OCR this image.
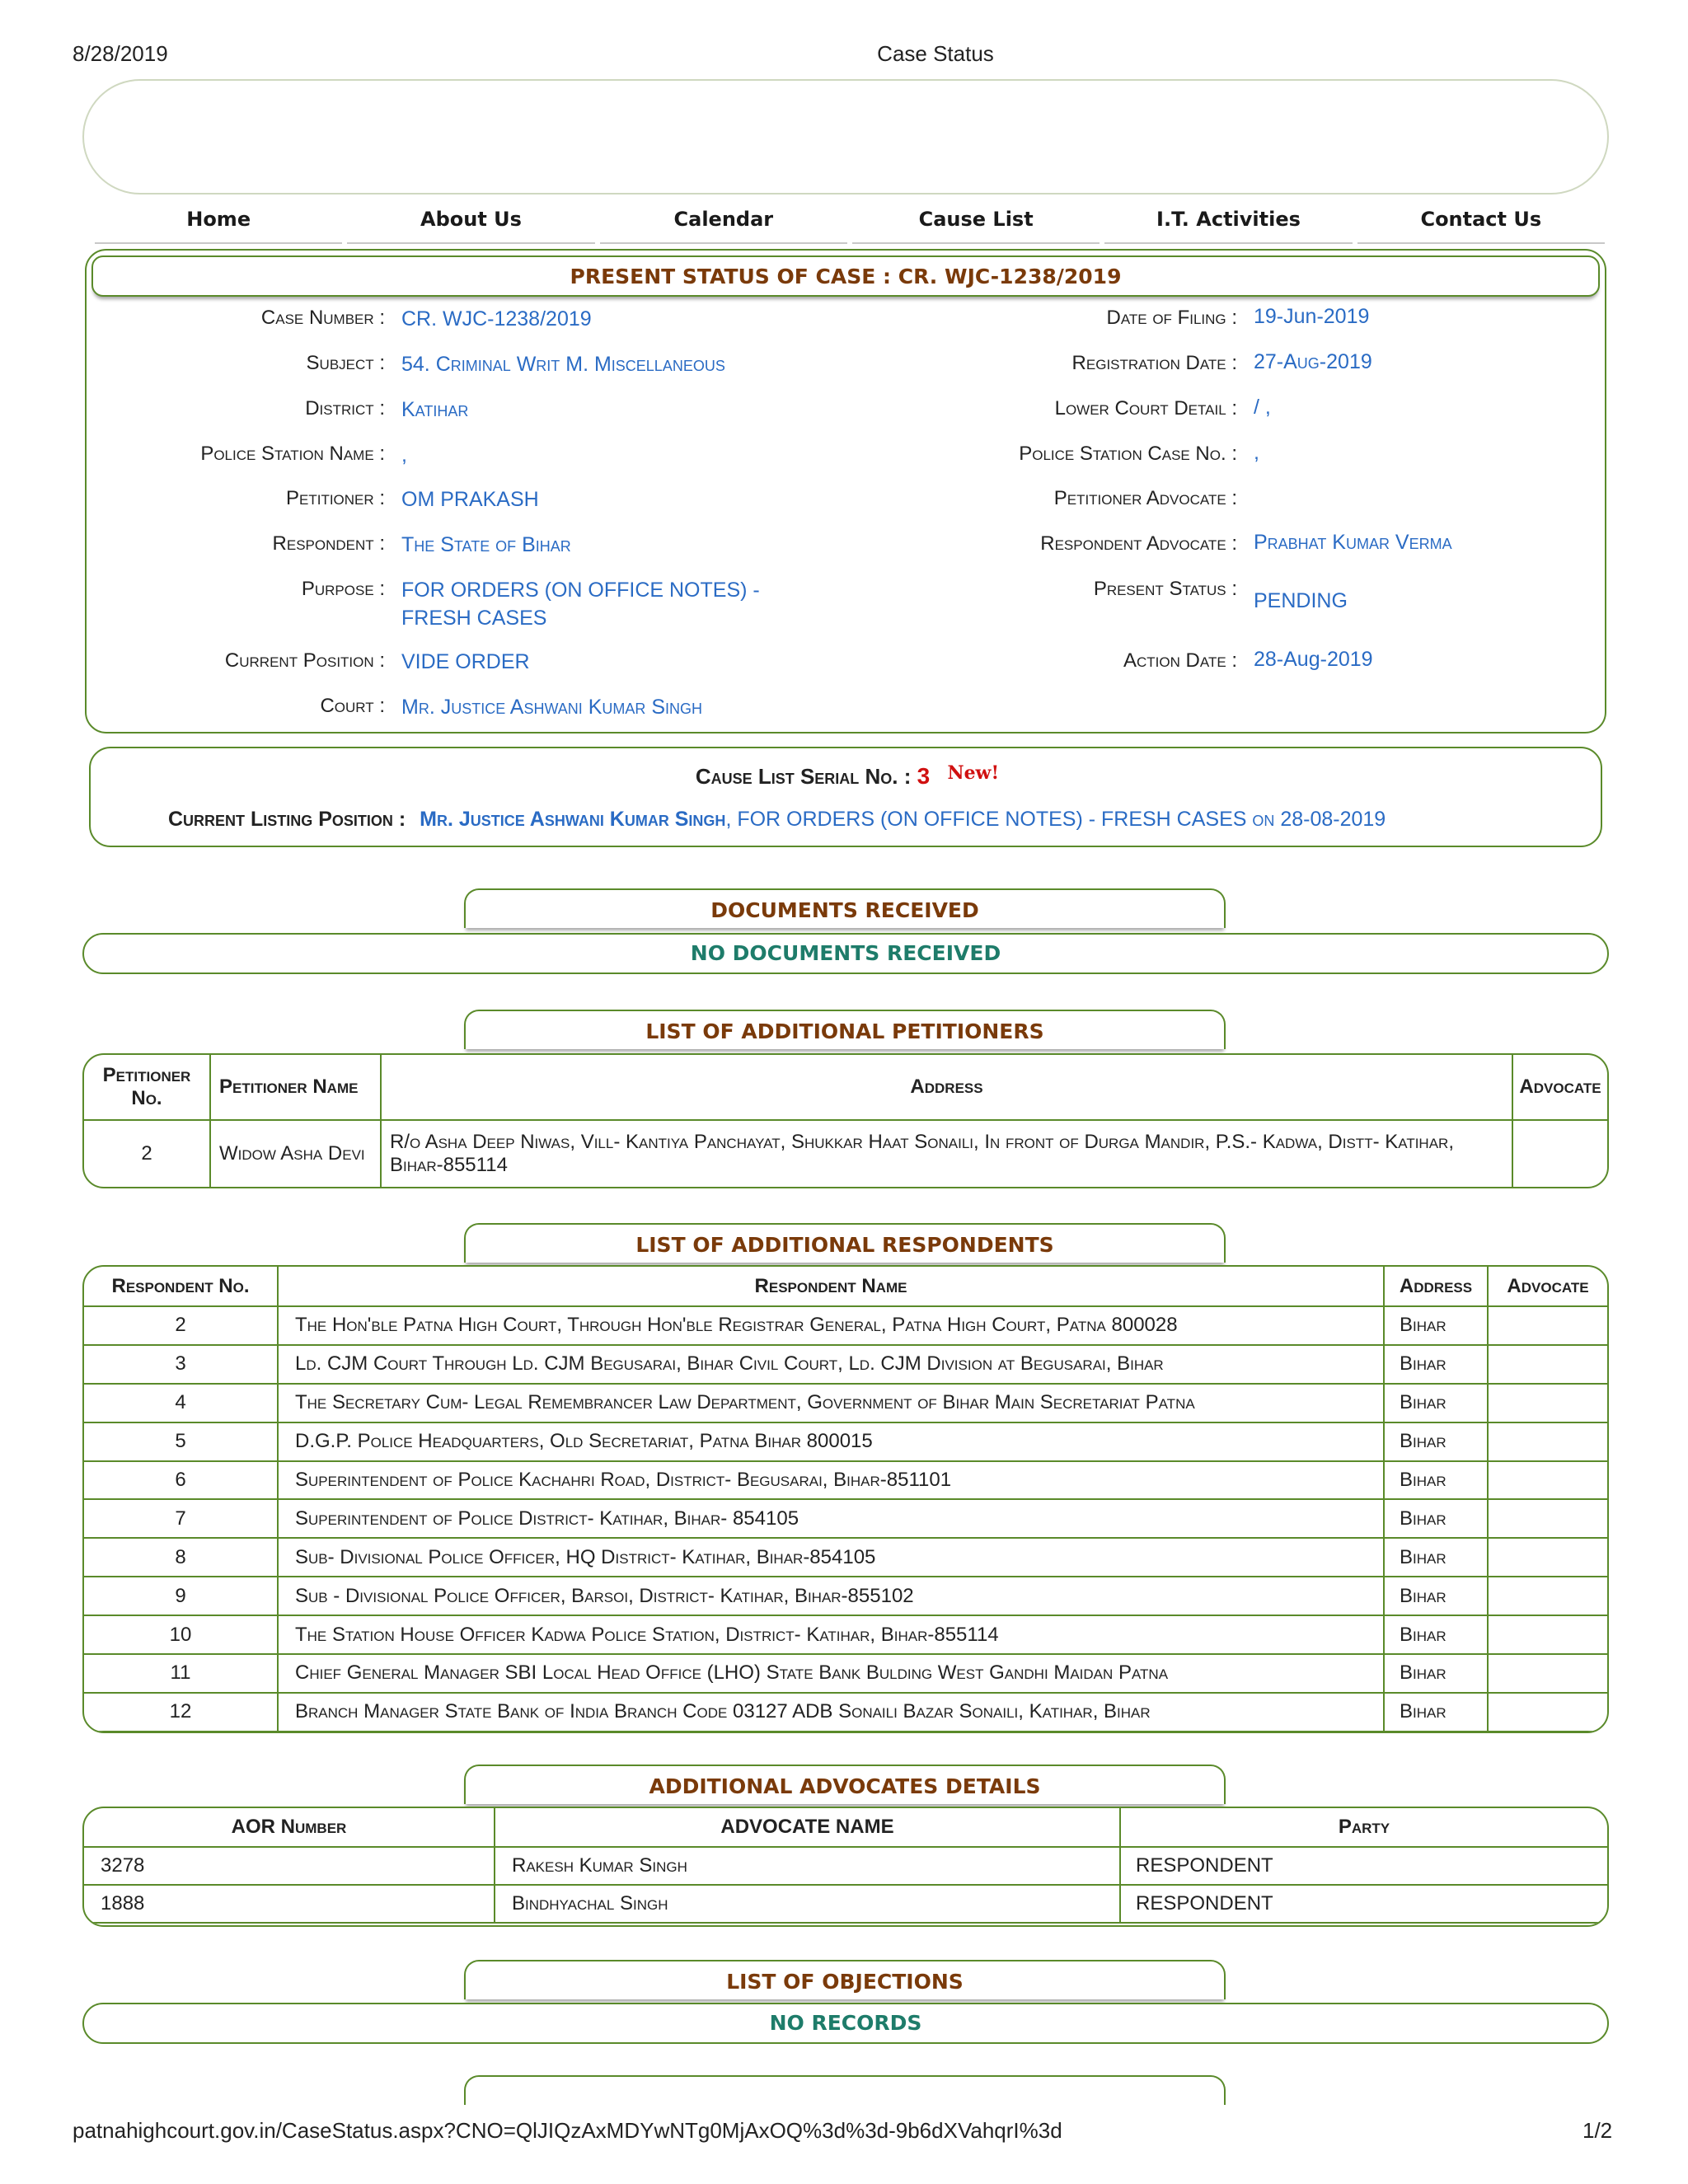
8/28/2019	Case Status
Home	About Us	Calendar	Cause List	I.T. Activities	Contact Us
PRESENT STATUS OF CASE : CR. WJC-1238/2019
Case Number : CR. WJC-1238/2019
Subject : 54. Criminal Writ M. Miscellaneous
District : Katihar
Police Station Name : ,
Petitioner : OM PRAKASH
Respondent : The State of Bihar
Purpose : FOR ORDERS (ON OFFICE NOTES) - FRESH CASES
Current Position : VIDE ORDER
Court : Mr. Justice Ashwani Kumar Singh
Date of Filing : 19-Jun-2019
Registration Date : 27-Aug-2019
Lower Court Detail : / ,
Police Station Case No. : ,
Petitioner Advocate :
Respondent Advocate : Prabhat Kumar Verma
Present Status :
PENDING
Action Date : 28-Aug-2019
Cause List Serial No. : 3 $^{New!}$
Current Listing Position : Mr. Justice Ashwani Kumar Singh, FOR ORDERS (ON OFFICE NOTES) - FRESH CASES on 28-08-2019
DOCUMENTS RECEIVED
NO DOCUMENTS RECEIVED
LIST OF ADDITIONAL PETITIONERS
Petitioner No.	Petitioner Name	Address	Advocate
2	Widow Asha Devi	R/o Asha Deep Niwas, Vill- Kantiya Panchayat, Shukkar Haat Sonaili, In front of Durga Mandir, P.S.- Kadwa, Distt- Katihar, Bihar-855114	
LIST OF ADDITIONAL RESPONDENTS
Respondent No.	Respondent Name	Address	Advocate
2	The Hon'ble Patna High Court, Through Hon'ble Registrar General, Patna High Court, Patna 800028	Bihar	
3	Ld. CJM Court Through Ld. CJM Begusarai, Bihar Civil Court, Ld. CJM Division at Begusarai, Bihar	Bihar	
4	The Secretary Cum- Legal Remembrancer Law Department, Government of Bihar Main Secretariat Patna	Bihar	
5	D.G.P. Police Headquarters, Old Secretariat, Patna Bihar 800015	Bihar	
6	Superintendent of Police Kachahri Road, District- Begusarai, Bihar-851101	Bihar	
7	Superintendent of Police District- Katihar, Bihar- 854105	Bihar	
8	Sub- Divisional Police Officer, HQ District- Katihar, Bihar-854105	Bihar	
9	Sub - Divisional Police Officer, Barsoi, District- Katihar, Bihar-855102	Bihar	
10	The Station House Officer Kadwa Police Station, District- Katihar, Bihar-855114	Bihar	
11	Chief General Manager SBI Local Head Office (LHO) State Bank Bulding West Gandhi Maidan Patna	Bihar	
12	Branch Manager State Bank of India Branch Code 03127 ADB Sonaili Bazar Sonaili, Katihar, Bihar	Bihar	
ADDITIONAL ADVOCATES DETAILS
AOR Number	ADVOCATE NAME	Party
3278	Rakesh Kumar Singh	RESPONDENT
1888	Bindhyachal Singh	RESPONDENT
LIST OF OBJECTIONS
NO RECORDS
patnahighcourt.gov.in/CaseStatus.aspx?CNO=QlJIQzAxMDYwNTg0MjAxOQ%3d%3d-9b6dXVahqrI%3d	1/2
